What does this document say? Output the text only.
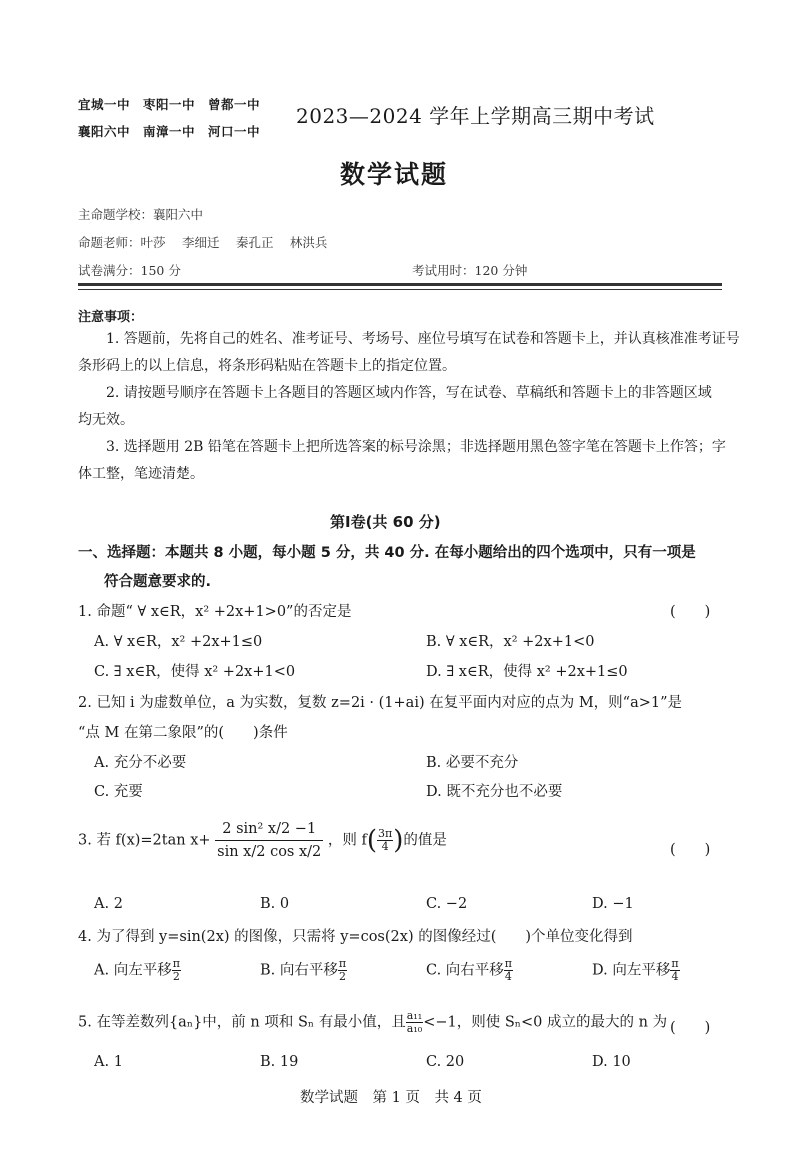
宜城一中　枣阳一中　曾都一中
襄阳六中　南漳一中　河口一中
2023—2024 学年上学期高三期中考试
数学试题
主命题学校：襄阳六中
命题老师：叶莎　 李细迁　 秦孔正　 林洪兵
试卷满分：150 分	考试用时：120 分钟
注意事项：
1. 答题前，先将自己的姓名、准考证号、考场号、座位号填写在试卷和答题卡上，并认真核准准考证号
条形码上的以上信息，将条形码粘贴在答题卡上的指定位置。
2. 请按题号顺序在答题卡上各题目的答题区域内作答，写在试卷、草稿纸和答题卡上的非答题区域
均无效。
3. 选择题用 2B 铅笔在答题卡上把所选答案的标号涂黑；非选择题用黑色签字笔在答题卡上作答；字
体工整，笔迹清楚。
第Ⅰ卷(共 60 分)
一、选择题：本题共 8 小题，每小题 5 分，共 40 分. 在每小题给出的四个选项中，只有一项是
符合题意要求的.
1. 命题“ ∀ x∈R，x² +2x+1>0”的否定是	(　　)
A. ∀ x∈R，x² +2x+1≤0	B. ∀ x∈R，x² +2x+1<0
C. ∃ x∈R，使得 x² +2x+1<0	D. ∃ x∈R，使得 x² +2x+1≤0
2. 已知 i 为虚数单位，a 为实数，复数 z=2i · (1+ai) 在复平面内对应的点为 M，则“a>1”是
“点 M 在第二象限”的(　　)条件
A. 充分不必要	B. 必要不充分
C. 充要	D. 既不充分也不必要
3. 若 f(x)=2tan $x+ \frac{\text{2 sin² x/2 −1}}{\text{sin x/2 cos x/2}}$ ，则 $f( \frac{3\pi}{4}$ )的值是
(　　)
A. 2	B. 0	C. −2	D. −1
4. 为了得到 y=sin(2x) 的图像，只需将 y=cos(2x) 的图像经过(　　)个单位变化得到
A. 向左平移 $\frac{\pi}{2}$	B. 向右平移 $\frac{\pi}{2}$	C. 向右平移 $\frac{\pi}{4}$	D. 向左平移 $\frac{\pi}{4}$
5. 在等差数列{aₙ}中，前 n 项和 Sₙ 有最小值，且 $\frac{\text{a₁₁}}{\text{a₁₀}} <-1$，则使 Sₙ<0 成立的最大的 n 为 (　　)
A. 1	B. 19	C. 20	D. 10
数学试题　第 1 页　共 4 页
